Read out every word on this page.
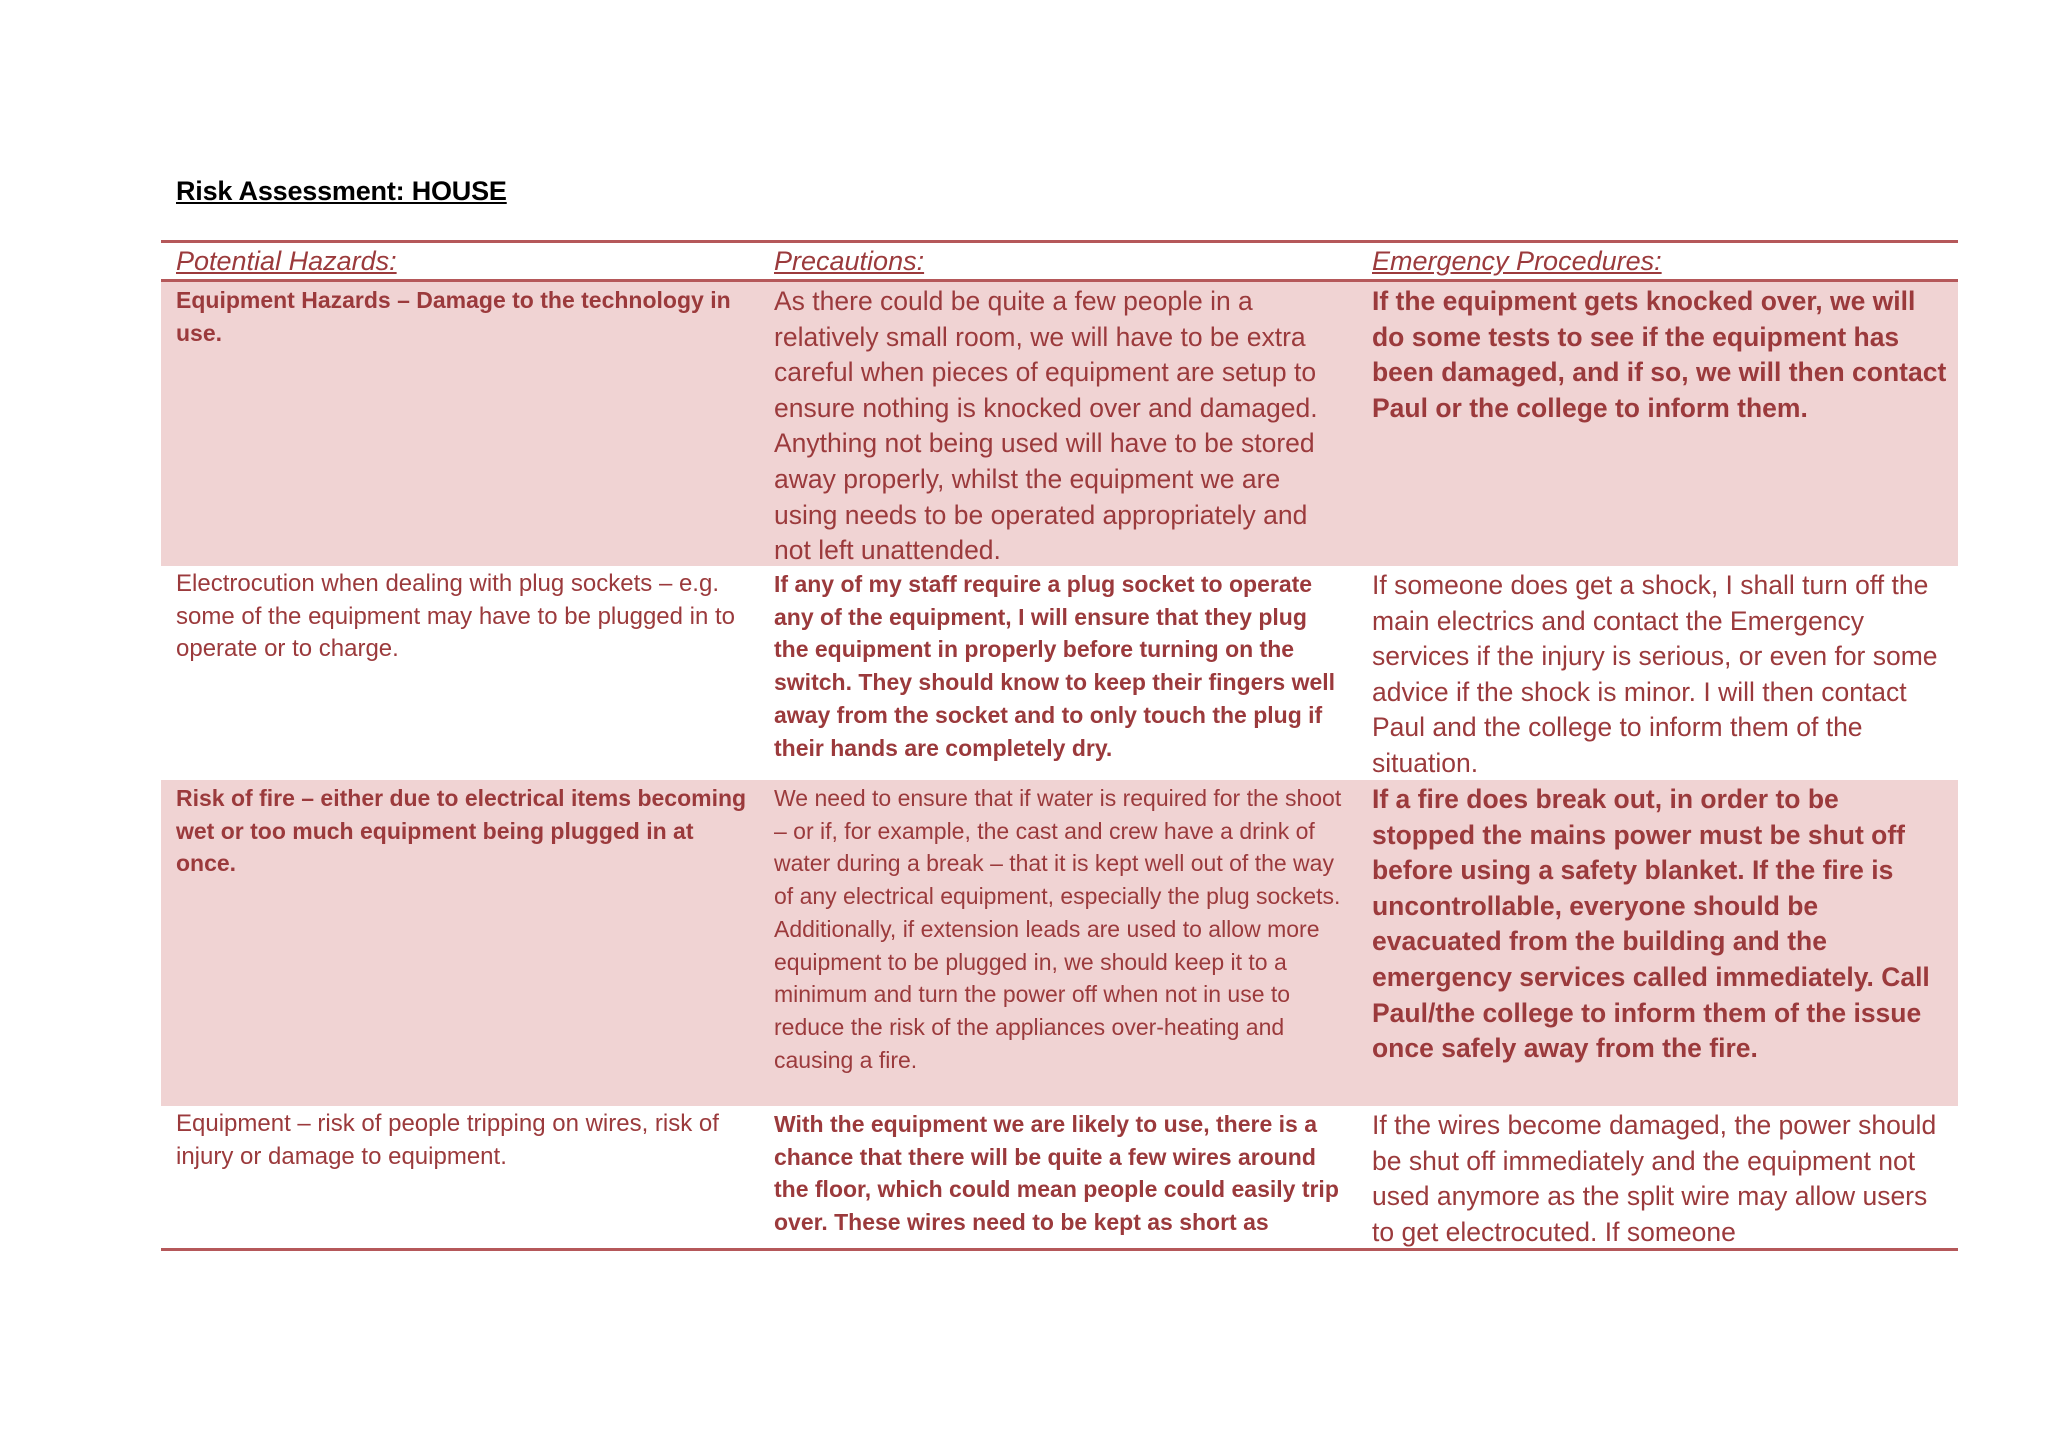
Risk Assessment: HOUSE
Potential Hazards:	Precautions:	Emergency Procedures:
Equipment Hazards – Damage to the technology in use.
As there could be quite a few people in a relatively small room, we will have to be extra careful when pieces of equipment are setup to ensure nothing is knocked over and damaged. Anything not being used will have to be stored away properly, whilst the equipment we are using needs to be operated appropriately and not left unattended.
If the equipment gets knocked over, we will do some tests to see if the equipment has been damaged, and if so, we will then contact Paul or the college to inform them.
Electrocution when dealing with plug sockets – e.g. some of the equipment may have to be plugged in to operate or to charge.
If any of my staff require a plug socket to operate any of the equipment, I will ensure that they plug the equipment in properly before turning on the switch. They should know to keep their fingers well away from the socket and to only touch the plug if their hands are completely dry.
If someone does get a shock, I shall turn off the main electrics and contact the Emergency services if the injury is serious, or even for some advice if the shock is minor. I will then contact Paul and the college to inform them of the situation.
Risk of fire – either due to electrical items becoming wet or too much equipment being plugged in at once.
We need to ensure that if water is required for the shoot – or if, for example, the cast and crew have a drink of water during a break – that it is kept well out of the way of any electrical equipment, especially the plug sockets. Additionally, if extension leads are used to allow more equipment to be plugged in, we should keep it to a minimum and turn the power off when not in use to reduce the risk of the appliances over-heating and causing a fire.
If a fire does break out, in order to be stopped the mains power must be shut off before using a safety blanket. If the fire is uncontrollable, everyone should be evacuated from the building and the emergency services called immediately. Call Paul/the college to inform them of the issue once safely away from the fire.
Equipment – risk of people tripping on wires, risk of injury or damage to equipment.
With the equipment we are likely to use, there is a chance that there will be quite a few wires around the floor, which could mean people could easily trip over. These wires need to be kept as short as
If the wires become damaged, the power should be shut off immediately and the equipment not used anymore as the split wire may allow users to get electrocuted. If someone
